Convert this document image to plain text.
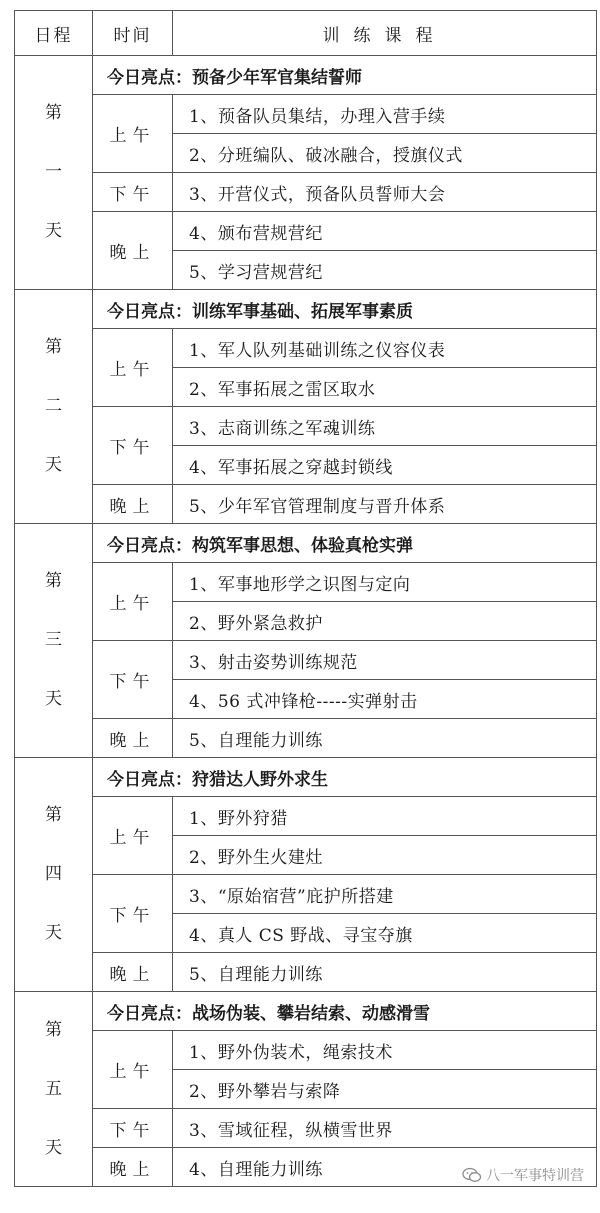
日程	时间	训练课程

第
一
天	今日亮点：预备少年军官集结誓师	
	上午	1、预备队员集结，办理入营手续
		2、分班编队、破冰融合，授旗仪式
	下午	3、开营仪式，预备队员誓师大会
	晚上	4、颁布营规营纪
		5、学习营规营纪

第
二
天	今日亮点：训练军事基础、拓展军事素质	
	上午	1、军人队列基础训练之仪容仪表
		2、军事拓展之雷区取水
	下午	3、志商训练之军魂训练
		4、军事拓展之穿越封锁线
	晚上	5、少年军官管理制度与晋升体系

第
三
天	今日亮点：构筑军事思想、体验真枪实弹	
	上午	1、军事地形学之识图与定向
		2、野外紧急救护
	下午	3、射击姿势训练规范
		4、56 式冲锋枪-----实弹射击
	晚上	5、自理能力训练

第
四
天	今日亮点：狩猎达人野外求生	
	上午	1、野外狩猎
		2、野外生火建灶
	下午	3、“原始宿营”庇护所搭建
		4、真人 CS 野战、寻宝夺旗
	晚上	5、自理能力训练

第
五
天	今日亮点：战场伪装、攀岩结索、动感滑雪	
	上午	1、野外伪装术，绳索技术
		2、野外攀岩与索降
	下午	3、雪域征程，纵横雪世界
	晚上	4、自理能力训练	八一军事特训营
